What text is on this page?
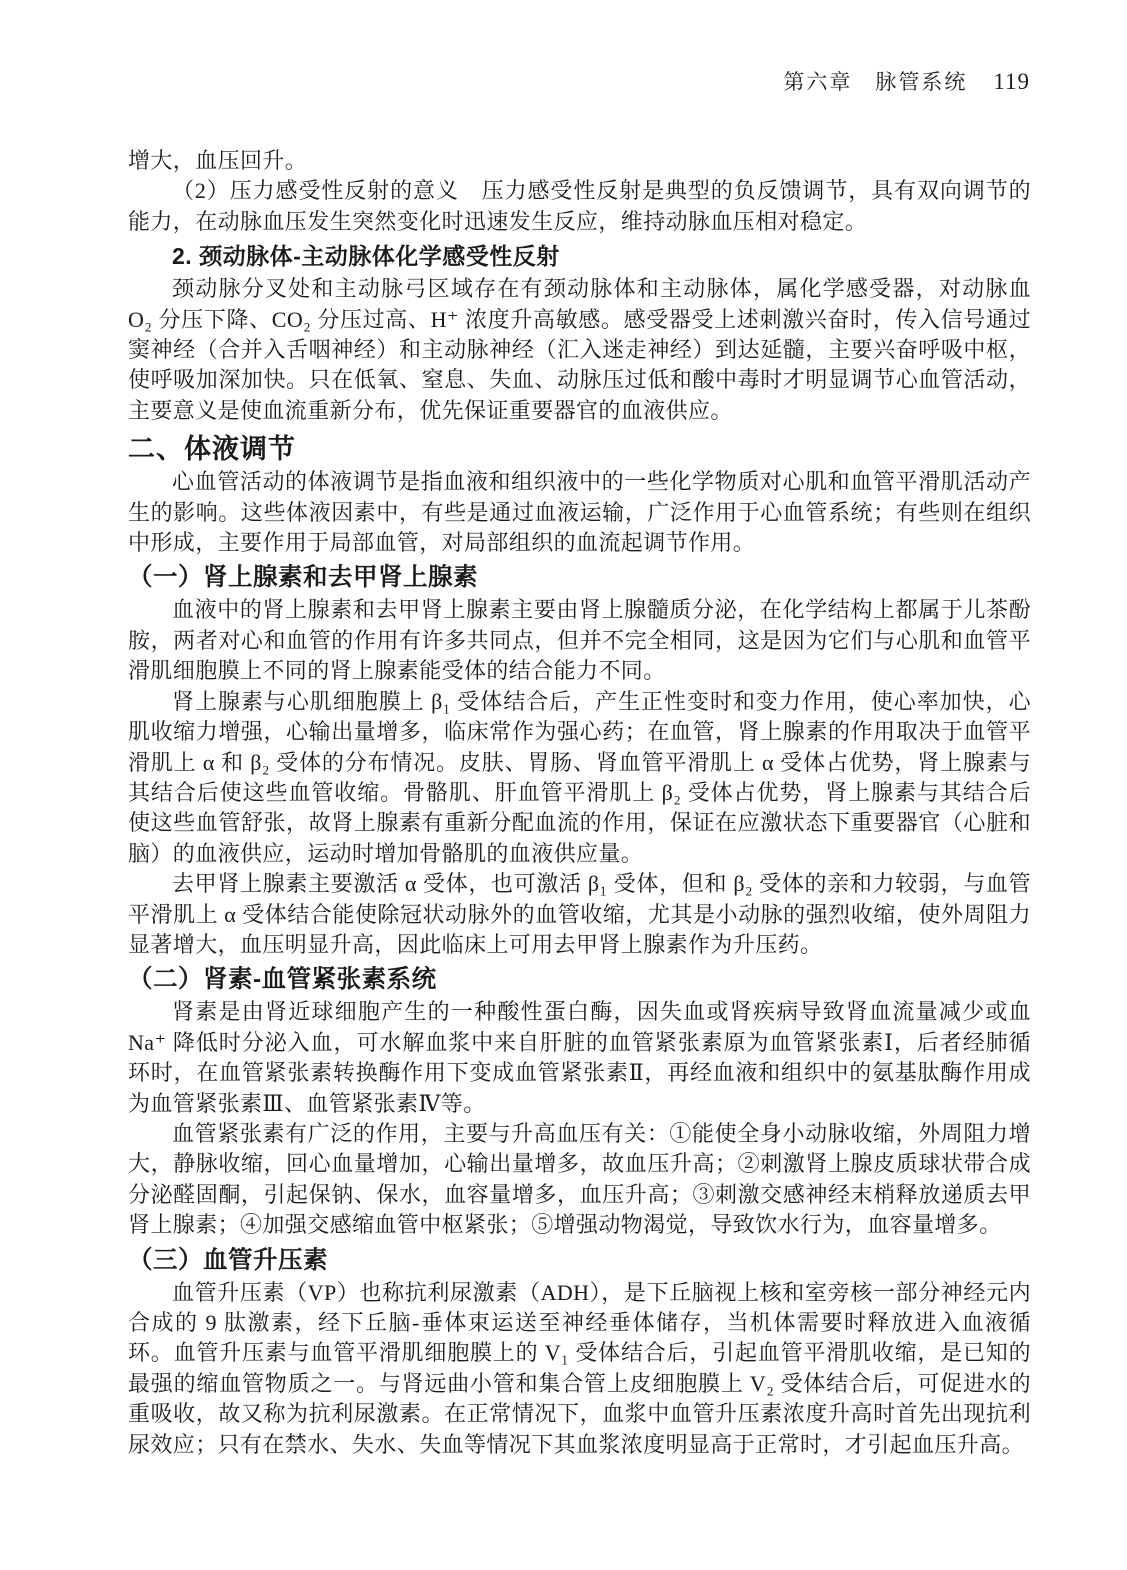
第六章　脉管系统 119

增大，血压回升。

（2）压力感受性反射的意义　压力感受性反射是典型的负反馈调节，具有双向调节的能力，在动脉血压发生突然变化时迅速发生反应，维持动脉血压相对稳定。

2. 颈动脉体-主动脉体化学感受性反射

颈动脉分叉处和主动脉弓区域存在有颈动脉体和主动脉体，属化学感受器，对动脉血 O₂ 分压下降、CO₂ 分压过高、H⁺ 浓度升高敏感。感受器受上述刺激兴奋时，传入信号通过窦神经（合并入舌咽神经）和主动脉神经（汇入迷走神经）到达延髓，主要兴奋呼吸中枢，使呼吸加深加快。只在低氧、窒息、失血、动脉压过低和酸中毒时才明显调节心血管活动，主要意义是使血流重新分布，优先保证重要器官的血液供应。

二、体液调节

心血管活动的体液调节是指血液和组织液中的一些化学物质对心肌和血管平滑肌活动产生的影响。这些体液因素中，有些是通过血液运输，广泛作用于心血管系统；有些则在组织中形成，主要作用于局部血管，对局部组织的血流起调节作用。

（一）肾上腺素和去甲肾上腺素

血液中的肾上腺素和去甲肾上腺素主要由肾上腺髓质分泌，在化学结构上都属于儿茶酚胺，两者对心和血管的作用有许多共同点，但并不完全相同，这是因为它们与心肌和血管平滑肌细胞膜上不同的肾上腺素能受体的结合能力不同。

肾上腺素与心肌细胞膜上 β₁ 受体结合后，产生正性变时和变力作用，使心率加快，心肌收缩力增强，心输出量增多，临床常作为强心药；在血管，肾上腺素的作用取决于血管平滑肌上 α 和 β₂ 受体的分布情况。皮肤、胃肠、肾血管平滑肌上 α 受体占优势，肾上腺素与其结合后使这些血管收缩。骨骼肌、肝血管平滑肌上 β₂ 受体占优势，肾上腺素与其结合后使这些血管舒张，故肾上腺素有重新分配血流的作用，保证在应激状态下重要器官（心脏和脑）的血液供应，运动时增加骨骼肌的血液供应量。

去甲肾上腺素主要激活 α 受体，也可激活 β₁ 受体，但和 β₂ 受体的亲和力较弱，与血管平滑肌上 α 受体结合能使除冠状动脉外的血管收缩，尤其是小动脉的强烈收缩，使外周阻力显著增大，血压明显升高，因此临床上可用去甲肾上腺素作为升压药。

（二）肾素-血管紧张素系统

肾素是由肾近球细胞产生的一种酸性蛋白酶，因失血或肾疾病导致肾血流量减少或血 Na⁺ 降低时分泌入血，可水解血浆中来自肝脏的血管紧张素原为血管紧张素Ⅰ，后者经肺循环时，在血管紧张素转换酶作用下变成血管紧张素Ⅱ，再经血液和组织中的氨基肽酶作用成为血管紧张素Ⅲ、血管紧张素Ⅳ等。

血管紧张素有广泛的作用，主要与升高血压有关：①能使全身小动脉收缩，外周阻力增大，静脉收缩，回心血量增加，心输出量增多，故血压升高；②刺激肾上腺皮质球状带合成分泌醛固酮，引起保钠、保水，血容量增多，血压升高；③刺激交感神经末梢释放递质去甲肾上腺素；④加强交感缩血管中枢紧张；⑤增强动物渴觉，导致饮水行为，血容量增多。

（三）血管升压素

血管升压素（VP）也称抗利尿激素（ADH），是下丘脑视上核和室旁核一部分神经元内合成的 9 肽激素，经下丘脑-垂体束运送至神经垂体储存，当机体需要时释放进入血液循环。血管升压素与血管平滑肌细胞膜上的 V₁ 受体结合后，引起血管平滑肌收缩，是已知的最强的缩血管物质之一。与肾远曲小管和集合管上皮细胞膜上 V₂ 受体结合后，可促进水的重吸收，故又称为抗利尿激素。在正常情况下，血浆中血管升压素浓度升高时首先出现抗利尿效应；只有在禁水、失水、失血等情况下其血浆浓度明显高于正常时，才引起血压升高。
